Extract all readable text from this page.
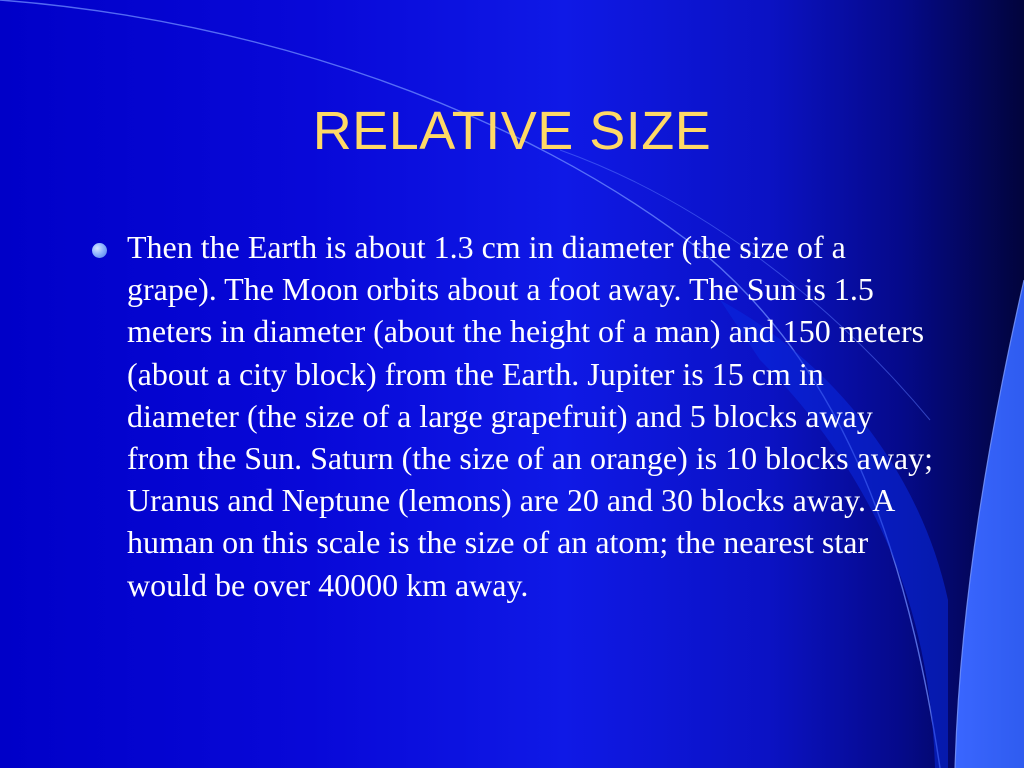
RELATIVE SIZE
Then the Earth is about 1.3 cm in diameter (the size of a grape). The Moon orbits about a foot away. The Sun is 1.5 meters in diameter (about the height of a man) and 150 meters (about a city block) from the Earth. Jupiter is 15 cm in diameter (the size of a large grapefruit) and 5 blocks away from the Sun. Saturn (the size of an orange) is 10 blocks away; Uranus and Neptune (lemons) are 20 and 30 blocks away. A human on this scale is the size of an atom; the nearest star would be over 40000 km away.
